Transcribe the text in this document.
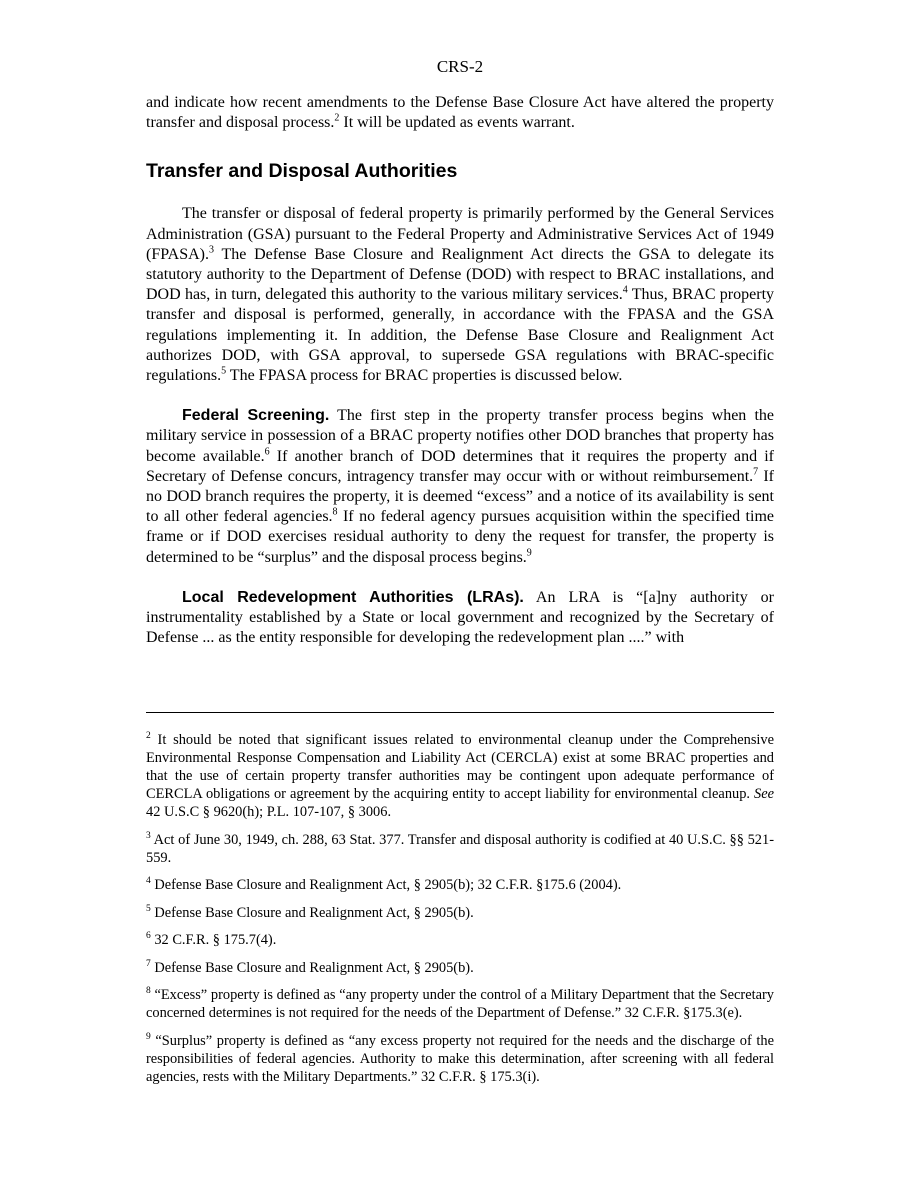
CRS-2

and indicate how recent amendments to the Defense Base Closure Act have altered the property transfer and disposal process.$^2$ It will be updated as events warrant.

Transfer and Disposal Authorities

The transfer or disposal of federal property is primarily performed by the General Services Administration (GSA) pursuant to the Federal Property and Administrative Services Act of 1949 (FPASA).$^3$ The Defense Base Closure and Realignment Act directs the GSA to delegate its statutory authority to the Department of Defense (DOD) with respect to BRAC installations, and DOD has, in turn, delegated this authority to the various military services.$^4$ Thus, BRAC property transfer and disposal is performed, generally, in accordance with the FPASA and the GSA regulations implementing it. In addition, the Defense Base Closure and Realignment Act authorizes DOD, with GSA approval, to supersede GSA regulations with BRAC-specific regulations.$^5$ The FPASA process for BRAC properties is discussed below.

Federal Screening. The first step in the property transfer process begins when the military service in possession of a BRAC property notifies other DOD branches that property has become available.$^6$ If another branch of DOD determines that it requires the property and if Secretary of Defense concurs, intragency transfer may occur with or without reimbursement.$^7$ If no DOD branch requires the property, it is deemed “excess” and a notice of its availability is sent to all other federal agencies.$^8$ If no federal agency pursues acquisition within the specified time frame or if DOD exercises residual authority to deny the request for transfer, the property is determined to be “surplus” and the disposal process begins.$^9$

Local Redevelopment Authorities (LRAs). An LRA is “[a]ny authority or instrumentality established by a State or local government and recognized by the Secretary of Defense ... as the entity responsible for developing the redevelopment plan ....” with

$^2$ It should be noted that significant issues related to environmental cleanup under the Comprehensive Environmental Response Compensation and Liability Act (CERCLA) exist at some BRAC properties and that the use of certain property transfer authorities may be contingent upon adequate performance of CERCLA obligations or agreement by the acquiring entity to accept liability for environmental cleanup. See 42 U.S.C § 9620(h); P.L. 107-107, § 3006.

$^3$ Act of June 30, 1949, ch. 288, 63 Stat. 377. Transfer and disposal authority is codified at 40 U.S.C. §§ 521-559.

$^4$ Defense Base Closure and Realignment Act, § 2905(b); 32 C.F.R. §175.6 (2004).

$^5$ Defense Base Closure and Realignment Act, § 2905(b).

$^6$ 32 C.F.R. § 175.7(4).

$^7$ Defense Base Closure and Realignment Act, § 2905(b).

$^8$ “Excess” property is defined as “any property under the control of a Military Department that the Secretary concerned determines is not required for the needs of the Department of Defense.” 32 C.F.R. §175.3(e).

$^9$ “Surplus” property is defined as “any excess property not required for the needs and the discharge of the responsibilities of federal agencies. Authority to make this determination, after screening with all federal agencies, rests with the Military Departments.” 32 C.F.R. § 175.3(i).
